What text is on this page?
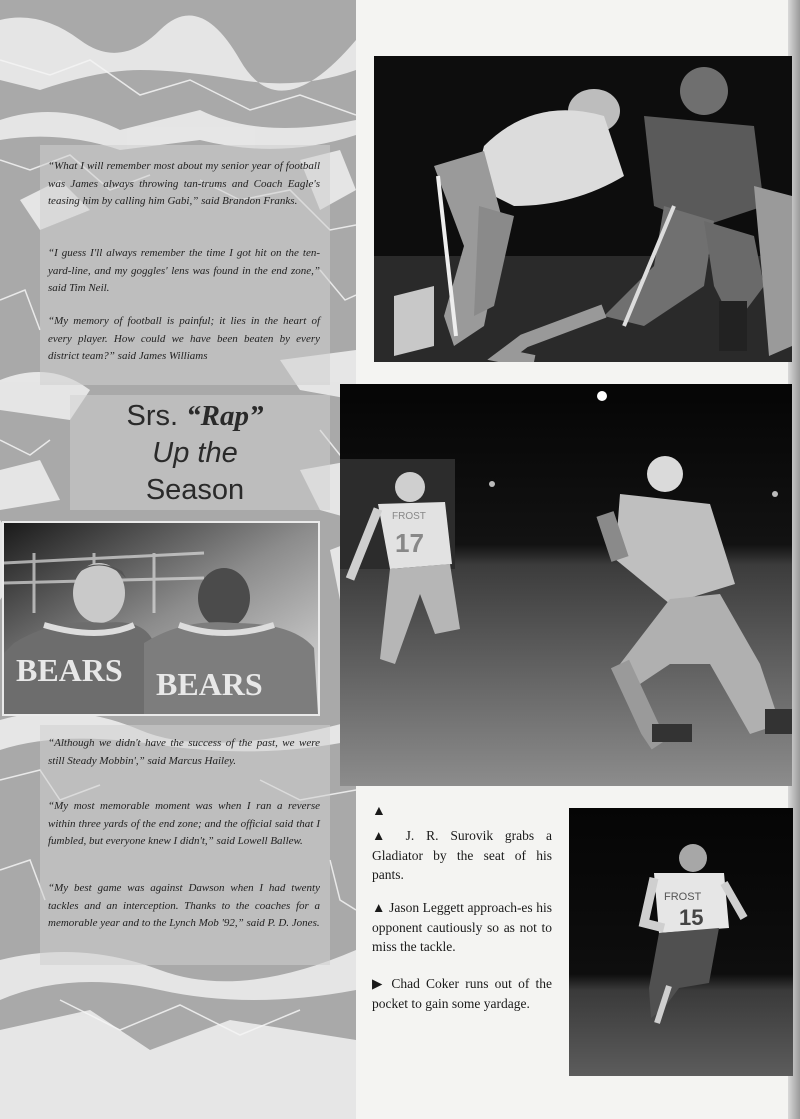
“What I will remember most about my senior year of football was James always throwing tan-trums and Coach Eagle's teasing him by calling him Gabi,” said Brandon Franks.
“I guess I'll always remember the time I got hit on the ten-yard-line, and my goggles' lens was found in the end zone,” said Tim Neil.
“My memory of football is painful; it lies in the heart of every player. How could we have been beaten by every district team?” said James Williams
Srs. “Rap”
Up the
Season
BEARS BEARS
“Although we didn't have the success of the past, we were still Steady Mobbin',” said Marcus Hailey.
“My most memorable moment was when I ran a reverse within three yards of the end zone; and the official said that I fumbled, but everyone knew I didn't,” said Lowell Ballew.
“My best game was against Dawson when I had twenty tackles and an interception. Thanks to the coaches for a memorable year and to the Lynch Mob '92,” said P. D. Jones.
17
FROST
FROST
15
▲
▲ J. R. Surovik grabs a Gladiator by the seat of his pants.
▲ Jason Leggett approach-es his opponent cautiously so as not to miss the tackle.
▶ Chad Coker runs out of the pocket to gain some yardage.
